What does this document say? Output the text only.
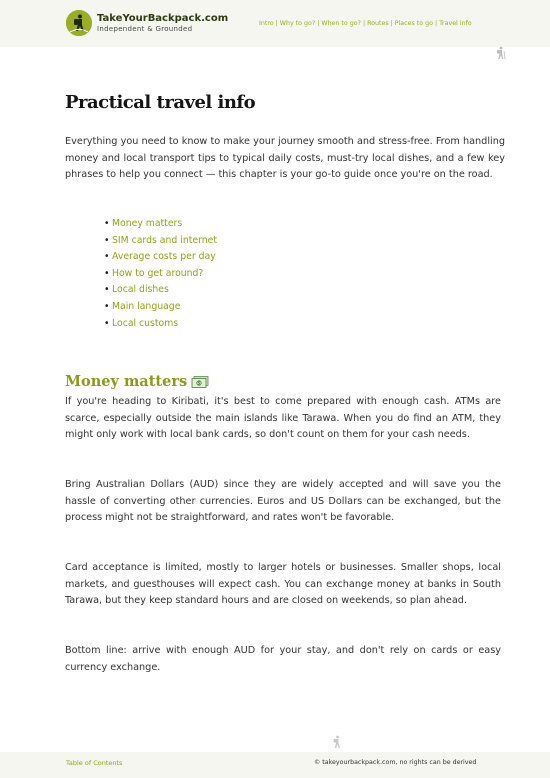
TakeYourBackpack.com
Independent & Grounded
Intro | Why to go? | When to go? | Routes | Places to go | Travel info
Practical travel info

Everything you need to know to make your journey smooth and stress-free. From handling money and local transport tips to typical daily costs, must-try local dishes, and a few key phrases to help you connect — this chapter is your go-to guide once you're on the road.

• Money matters
• SIM cards and internet
• Average costs per day
• How to get around?
• Local dishes
• Main language
• Local customs
Money matters	$

If you're heading to Kiribati, it's best to come prepared with enough cash. ATMs are scarce, especially outside the main islands like Tarawa. When you do find an ATM, they might only work with local bank cards, so don't count on them for your cash needs.

Bring Australian Dollars (AUD) since they are widely accepted and will save you the hassle of converting other currencies. Euros and US Dollars can be exchanged, but the process might not be straightforward, and rates won't be favorable.

Card acceptance is limited, mostly to larger hotels or businesses. Smaller shops, local markets, and guesthouses will expect cash. You can exchange money at banks in South Tarawa, but they keep standard hours and are closed on weekends, so plan ahead.

Bottom line: arrive with enough AUD for your stay, and don't rely on cards or easy currency exchange.

Table of Contents	© takeyourbackpack.com, no rights can be derived
